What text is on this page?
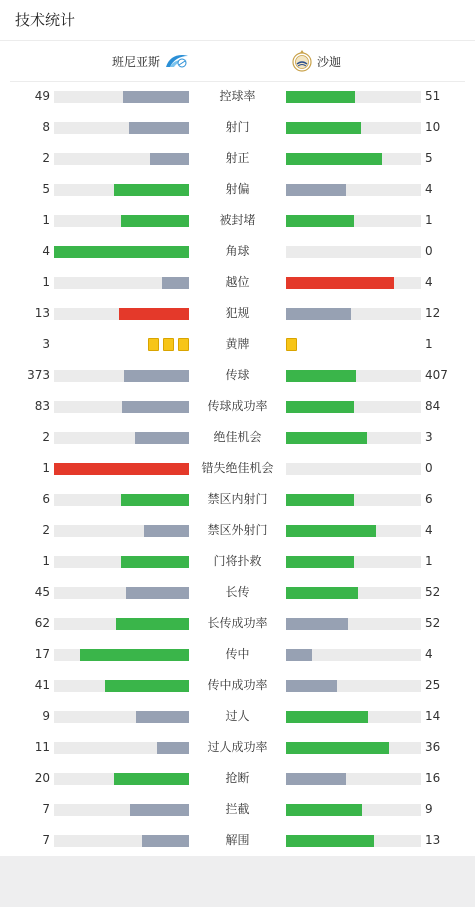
技术统计
班尼亚斯	沙迦
49	控球率	51
8	射门	10
2	射正	5
5	射偏	4
1	被封堵	1
4	角球	0
1	越位	4
13	犯规	12
3	黄牌	1
373	传球	407
83	传球成功率	84
2	绝佳机会	3
1	错失绝佳机会	0
6	禁区内射门	6
2	禁区外射门	4
1	门将扑救	1
45	长传	52
62	长传成功率	52
17	传中	4
41	传中成功率	25
9	过人	14
11	过人成功率	36
20	抢断	16
7	拦截	9
7	解围	13
